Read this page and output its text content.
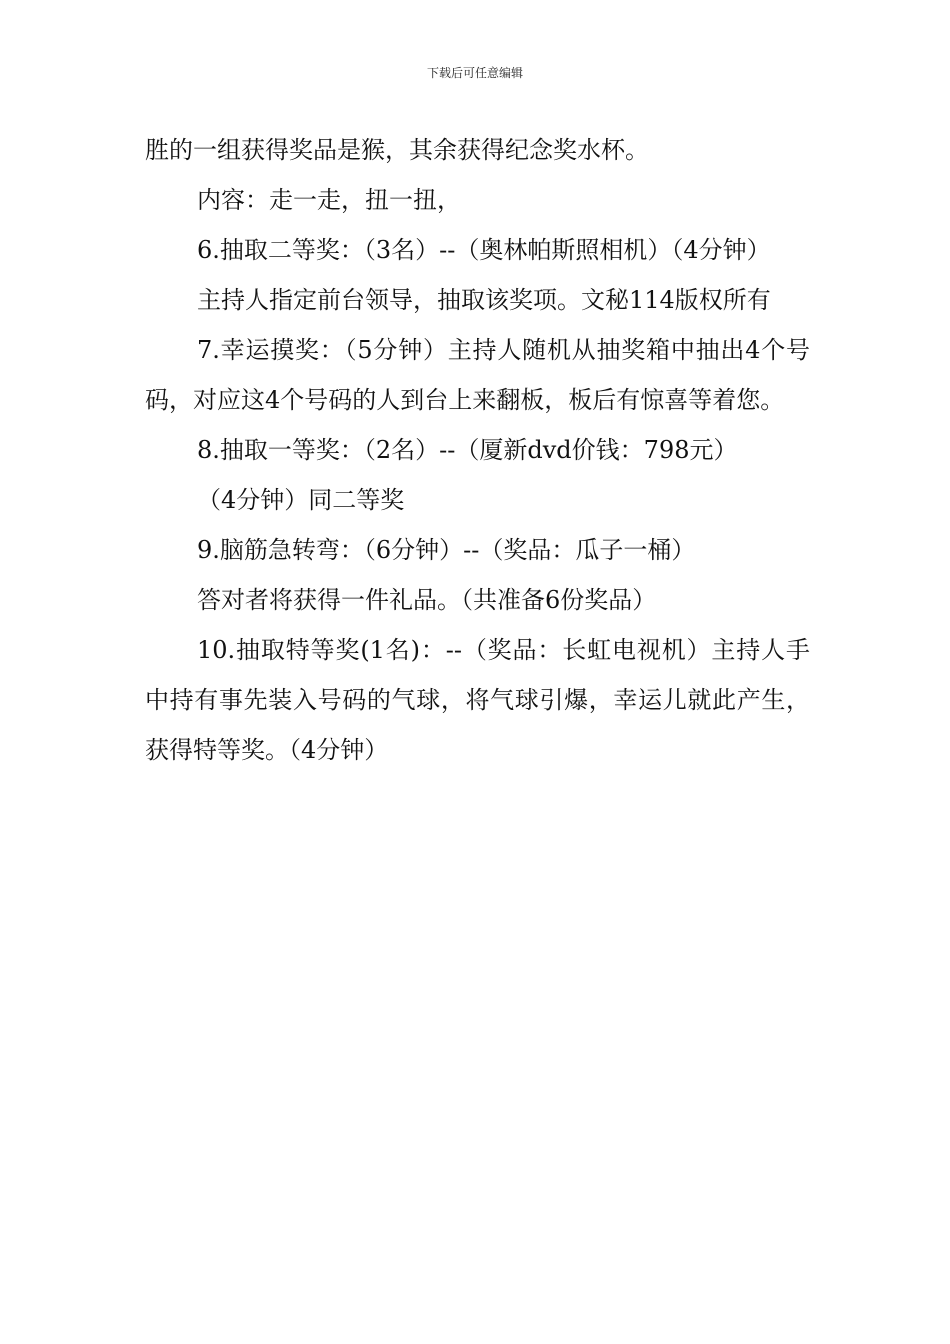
下载后可任意编辑

胜的一组获得奖品是猴，其余获得纪念奖水杯。

内容：走一走，扭一扭，

6.抽取二等奖：（3名）--（奥林帕斯照相机）（4分钟）

主持人指定前台领导，抽取该奖项。文秘114版权所有

7.幸运摸奖：（5分钟）主持人随机从抽奖箱中抽出4个号码，对应这4个号码的人到台上来翻板，板后有惊喜等着您。

8.抽取一等奖：（2名）--（厦新dvd价钱：798元）

（4分钟）同二等奖

9.脑筋急转弯：（6分钟）--（奖品：瓜子一桶）

答对者将获得一件礼品。（共准备6份奖品）

10.抽取特等奖(1名)：--（奖品：长虹电视机）主持人手中持有事先装入号码的气球，将气球引爆，幸运儿就此产生，获得特等奖。（4分钟）
